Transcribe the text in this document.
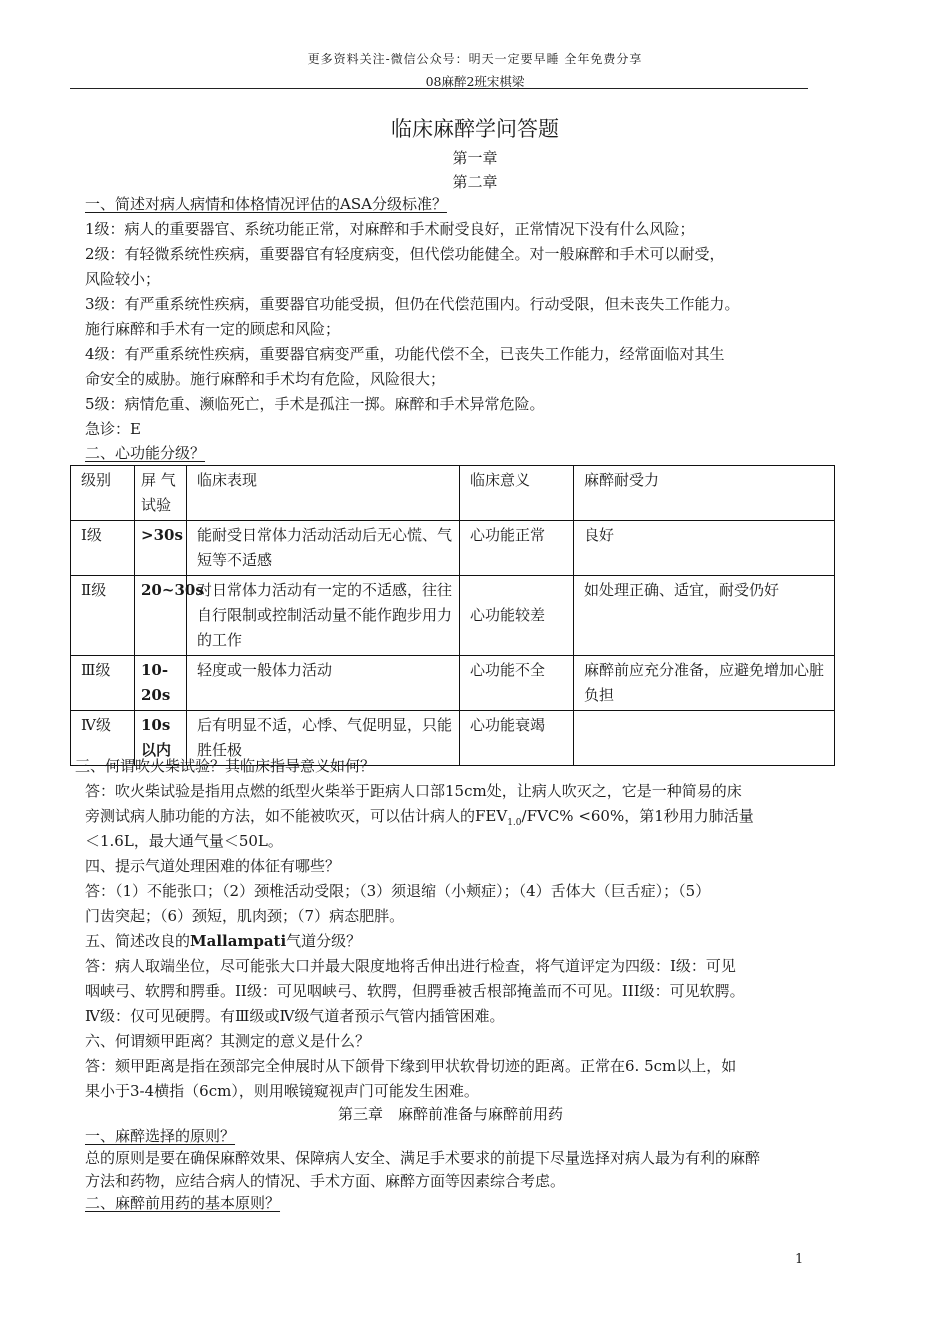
更多资料关注-微信公众号：明天一定要早睡 全年免费分享
08麻醉2班宋棋梁
临床麻醉学问答题
第一章
第二章
一、简述对病人病情和体格情况评估的ASA分级标准？
1级：病人的重要器官、系统功能正常，对麻醉和手术耐受良好，正常情况下没有什么风险；
2级：有轻微系统性疾病，重要器官有轻度病变，但代偿功能健全。对一般麻醉和手术可以耐受，
风险较小；
3级：有严重系统性疾病，重要器官功能受损，但仍在代偿范围内。行动受限，但未丧失工作能力。
施行麻醉和手术有一定的顾虑和风险；
4级：有严重系统性疾病，重要器官病变严重，功能代偿不全，已丧失工作能力，经常面临对其生
命安全的威胁。施行麻醉和手术均有危险，风险很大；
5级：病情危重、濒临死亡，手术是孤注一掷。麻醉和手术异常危险。
急诊：E
二、心功能分级？
级别	屏 气试验	临床表现	临床意义	麻醉耐受力
Ⅰ级	>30s	能耐受日常体力活动活动后无心慌、气短等不适感	心功能正常	良好
Ⅱ级	20~30s	对日常体力活动有一定的不适感，往往自行限制或控制活动量不能作跑步用力的工作	心功能较差	如处理正确、适宜，耐受仍好
Ⅲ级	10-20s	轻度或一般体力活动	心功能不全	麻醉前应充分准备，应避免增加心脏负担
Ⅳ级	10s以内	后有明显不适，心悸、气促明显，只能胜任极	心功能衰竭	
三、何谓吹火柴试验？其临床指导意义如何？
答：吹火柴试验是指用点燃的纸型火柴举于距病人口部15cm处，让病人吹灭之，它是一种简易的床
旁测试病人肺功能的方法，如不能被吹灭，可以估计病人的$FEV_{1.0}/FVC\% <60\%$，第1秒用力肺活量
＜1.6L，最大通气量＜50L。
四、提示气道处理困难的体征有哪些？
答：（1）不能张口；（2）颈椎活动受限；（3）须退缩（小颊症）；（4）舌体大（巨舌症）；（5）
门齿突起；（6）颈短，肌肉颈；（7）病态肥胖。
五、简述改良的Mallampati气道分级？
答：病人取端坐位，尽可能张大口并最大限度地将舌伸出进行检查，将气道评定为四级：I级：可见
咽峡弓、软腭和腭垂。II级：可见咽峡弓、软腭，但腭垂被舌根部掩盖而不可见。III级：可见软腭。
Ⅳ级：仅可见硬腭。有Ⅲ级或Ⅳ级气道者预示气管内插管困难。
六、何谓颏甲距离？其测定的意义是什么？
答：颏甲距离是指在颈部完全伸展时从下颌骨下缘到甲状软骨切迹的距离。正常在6. 5cm以上，如
果小于3-4横指（6cm），则用喉镜窥视声门可能发生困难。
第三章　麻醉前准备与麻醉前用药
一、麻醉选择的原则？
总的原则是要在确保麻醉效果、保障病人安全、满足手术要求的前提下尽量选择对病人最为有利的麻醉
方法和药物，应结合病人的情况、手术方面、麻醉方面等因素综合考虑。
二、麻醉前用药的基本原则？
1
